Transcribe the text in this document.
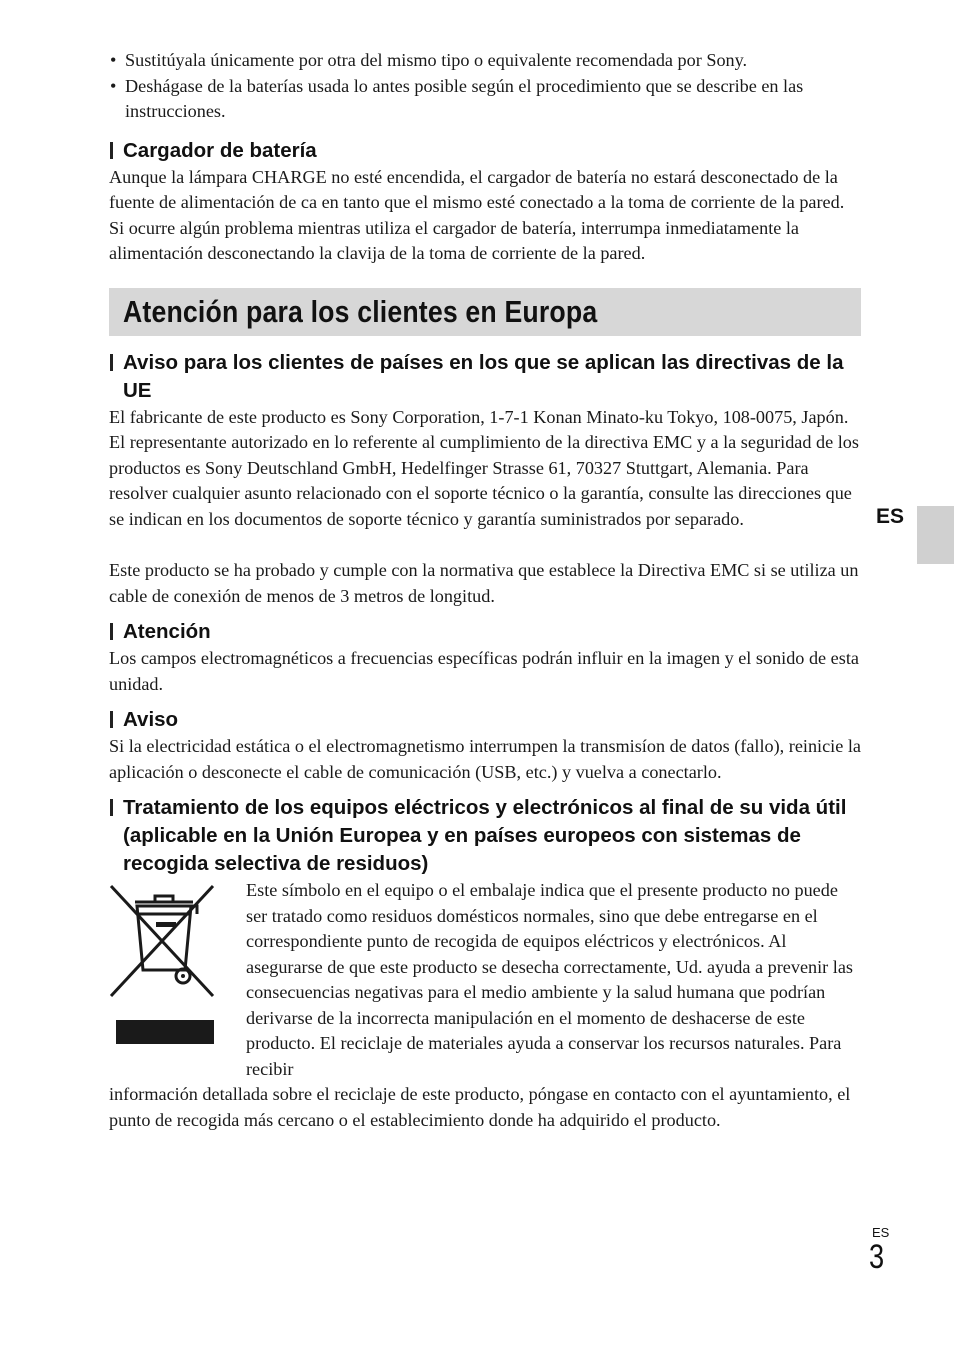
ES
• Sustitúyala únicamente por otra del mismo tipo o equivalente recomendada por Sony.
• Deshágase de la baterías usada lo antes posible según el procedimiento que se describe en las instrucciones.
Cargador de batería

Aunque la lámpara CHARGE no esté encendida, el cargador de batería no estará desconectado de la fuente de alimentación de ca en tanto que el mismo esté conectado a la toma de corriente de la pared. Si ocurre algún problema mientras utiliza el cargador de batería, interrumpa inmediatamente la alimentación desconectando la clavija de la toma de corriente de la pared.

Atención para los clientes en Europa
Aviso para los clientes de países en los que se aplican las directivas de la UE

El fabricante de este producto es Sony Corporation, 1-7-1 Konan Minato-ku Tokyo, 108-0075, Japón. El representante autorizado en lo referente al cumplimiento de la directiva EMC y a la seguridad de los productos es Sony Deutschland GmbH, Hedelfinger Strasse 61, 70327 Stuttgart, Alemania. Para resolver cualquier asunto relacionado con el soporte técnico o la garantía, consulte las direcciones que se indican en los documentos de soporte técnico y garantía suministrados por separado.

Este producto se ha probado y cumple con la normativa que establece la Directiva EMC si se utiliza un cable de conexión de menos de 3 metros de longitud.

Atención

Los campos electromagnéticos a frecuencias específicas podrán influir en la imagen y el sonido de esta unidad.

Aviso

Si la electricidad estática o el electromagnetismo interrumpen la transmisíon de datos (fallo), reinicie la aplicación o desconecte el cable de comunicación (USB, etc.) y vuelva a conectarlo.

Tratamiento de los equipos eléctricos y electrónicos al final de su vida útil (aplicable en la Unión Europea y en países europeos con sistemas de recogida selectiva de residuos)

Este símbolo en el equipo o el embalaje indica que el presente producto no puede ser tratado como residuos domésticos normales, sino que debe entregarse en el correspondiente punto de recogida de equipos eléctricos y electrónicos. Al asegurarse de que este producto se desecha correctamente, Ud. ayuda a prevenir las consecuencias negativas para el medio ambiente y la salud humana que podrían derivarse de la incorrecta manipulación en el momento de deshacerse de este producto. El reciclaje de materiales ayuda a conservar los recursos naturales. Para recibir

información detallada sobre el reciclaje de este producto, póngase en contacto con el ayuntamiento, el punto de recogida más cercano o el establecimiento donde ha adquirido el producto.

ES
3
